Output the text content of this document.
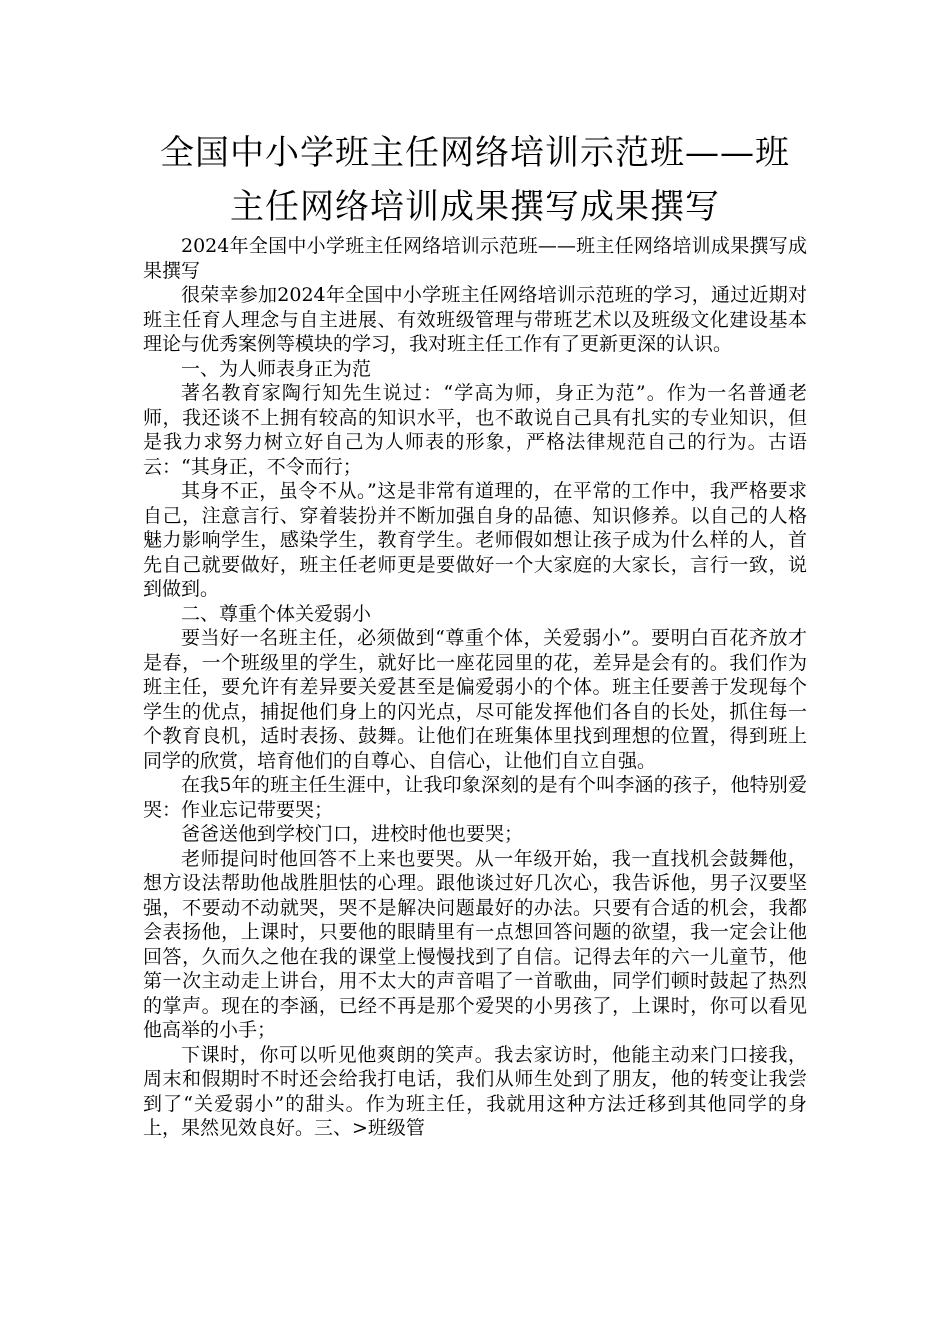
全国中小学班主任网络培训示范班——班
主任网络培训成果撰写成果撰写

2024年全国中小学班主任网络培训示范班——班主任网络培训成果撰写成果撰写

很荣幸参加2024年全国中小学班主任网络培训示范班的学习，通过近期对班主任育人理念与自主进展、有效班级管理与带班艺术以及班级文化建设基本理论与优秀案例等模块的学习，我对班主任工作有了更新更深的认识。

一、为人师表身正为范

著名教育家陶行知先生说过：“学高为师，身正为范”。作为一名普通老师，我还谈不上拥有较高的知识水平，也不敢说自己具有扎实的专业知识，但是我力求努力树立好自己为人师表的形象，严格法律规范自己的行为。古语云：“其身正，不令而行；

其身不正，虽令不从。”这是非常有道理的，在平常的工作中，我严格要求自己，注意言行、穿着装扮并不断加强自身的品德、知识修养。以自己的人格魅力影响学生，感染学生，教育学生。老师假如想让孩子成为什么样的人，首先自己就要做好，班主任老师更是要做好一个大家庭的大家长，言行一致，说到做到。

二、尊重个体关爱弱小

要当好一名班主任，必须做到“尊重个体，关爱弱小”。要明白百花齐放才是春，一个班级里的学生，就好比一座花园里的花，差异是会有的。我们作为班主任，要允许有差异要关爱甚至是偏爱弱小的个体。班主任要善于发现每个学生的优点，捕捉他们身上的闪光点，尽可能发挥他们各自的长处，抓住每一个教育良机，适时表扬、鼓舞。让他们在班集体里找到理想的位置，得到班上同学的欣赏，培育他们的自尊心、自信心，让他们自立自强。

在我5年的班主任生涯中，让我印象深刻的是有个叫李涵的孩子，他特别爱哭：作业忘记带要哭；

爸爸送他到学校门口，进校时他也要哭；

老师提问时他回答不上来也要哭。从一年级开始，我一直找机会鼓舞他，想方设法帮助他战胜胆怯的心理。跟他谈过好几次心，我告诉他，男子汉要坚强，不要动不动就哭，哭不是解决问题最好的办法。只要有合适的机会，我都会表扬他，上课时，只要他的眼睛里有一点想回答问题的欲望，我一定会让他回答，久而久之他在我的课堂上慢慢找到了自信。记得去年的六一儿童节，他第一次主动走上讲台，用不太大的声音唱了一首歌曲，同学们顿时鼓起了热烈的掌声。现在的李涵，已经不再是那个爱哭的小男孩了，上课时，你可以看见他高举的小手；

下课时，你可以听见他爽朗的笑声。我去家访时，他能主动来门口接我，周末和假期时不时还会给我打电话，我们从师生处到了朋友，他的转变让我尝到了“关爱弱小”的甜头。作为班主任，我就用这种方法迁移到其他同学的身上，果然见效良好。三、>班级管
